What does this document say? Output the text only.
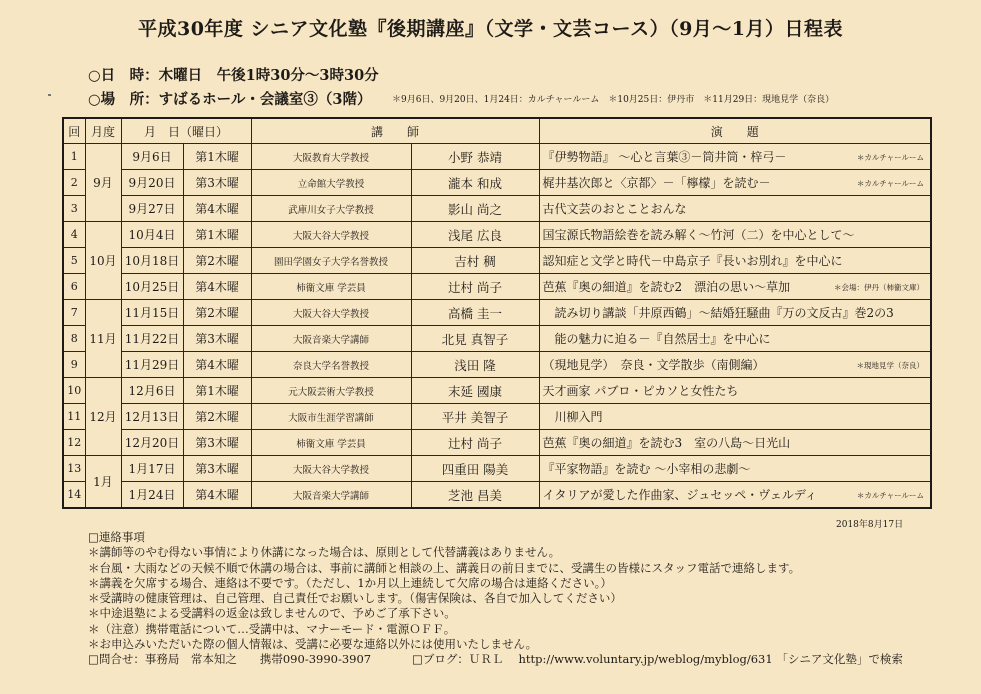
平成30年度 シニア文化塾『後期講座』（文学・文芸コース）（9月～1月）日程表
○日　時：木曜日　午後1時30分～3時30分
○場　所：すばるホール・会議室③（3階） ＊9月6日、9月20日、1月24日：カルチャールーム　＊10月25日：伊丹市　＊11月29日：現地見学（奈良）
回	月度	月　日（曜日）		講　　師		演　　題
1	9月	9月6日	第1木曜	大阪教育大学教授	小野 恭靖	『伊勢物語』 ～心と言葉③－筒井筒・梓弓－ ＊カルチャールーム

2		9月20日	第3木曜	立命館大学教授	瀧本 和成	梶井基次郎と〈京都〉－「檸檬」を読む－ ＊カルチャールーム

3		9月27日	第4木曜	武庫川女子大学教授	影山 尚之	古代文芸のおとことおんな
4	10月	10月4日	第1木曜	大阪大谷大学教授	浅尾 広良	国宝源氏物語絵巻を読み解く～竹河（二）を中心として～
5		10月18日	第2木曜	園田学園女子大学名誉教授	吉村 稠	認知症と文学と時代－中島京子『長いお別れ』を中心に
6		10月25日	第4木曜	柿衞文庫 学芸員	辻村 尚子	芭蕉『奥の細道』を読む2　漂泊の思い～草加 ＊会場：伊丹（柿衞文庫）

7	11月	11月15日	第2木曜	大阪大谷大学教授	高橋 圭一	　読み切り講談「井原西鶴」～結婚狂騒曲『万の文反古』巻2の3
8		11月22日	第3木曜	大阪音楽大学講師	北見 真智子	　能の魅力に迫る－『自然居士』を中心に
9		11月29日	第4木曜	奈良大学名誉教授	浅田 隆	（現地見学）　奈良・文学散歩（南側編） ＊現地見学（奈良）

10	12月	12月6日	第1木曜	元大阪芸術大学教授	末延 國康	天才画家 パブロ・ピカソと女性たち
11		12月13日	第2木曜	大阪市生涯学習講師	平井 美智子	　川柳入門
12		12月20日	第3木曜	柿衞文庫 学芸員	辻村 尚子	芭蕉『奥の細道』を読む3　室の八島～日光山
13	1月	1月17日	第3木曜	大阪大谷大学教授	四重田 陽美	『平家物語』を読む ～小宰相の悲劇～
14		1月24日	第4木曜	大阪音楽大学講師	芝池 昌美	イタリアが愛した作曲家、ジュセッペ・ヴェルディ ＊カルチャールーム
2018年8月17日
□連絡事項
＊講師等のやむ得ない事情により休講になった場合は、原則として代替講義はありません。
＊台風・大雨などの天候不順で休講の場合は、事前に講師と相談の上、講義日の前日までに、受講生の皆様にスタッフ電話で連絡します。
＊講義を欠席する場合、連絡は不要です。（ただし、1か月以上連続して欠席の場合は連絡ください。）
＊受講時の健康管理は、自己管理、自己責任でお願いします。（傷害保険は、各自で加入してください）
＊中途退塾による受講料の返金は致しませんので、予めご了承下さい。
＊（注意）携帯電話について…受講中は、マナーモード・電源ＯＦＦ。
＊お申込みいただいた際の個人情報は、受講に必要な連絡以外には使用いたしません。
□問合せ：事務局　常本知之　　携帯090-3990-3907	□ブログ：ＵＲＬ　 http://www.voluntary.jp/weblog/myblog/631 「シニア文化塾」で検索
